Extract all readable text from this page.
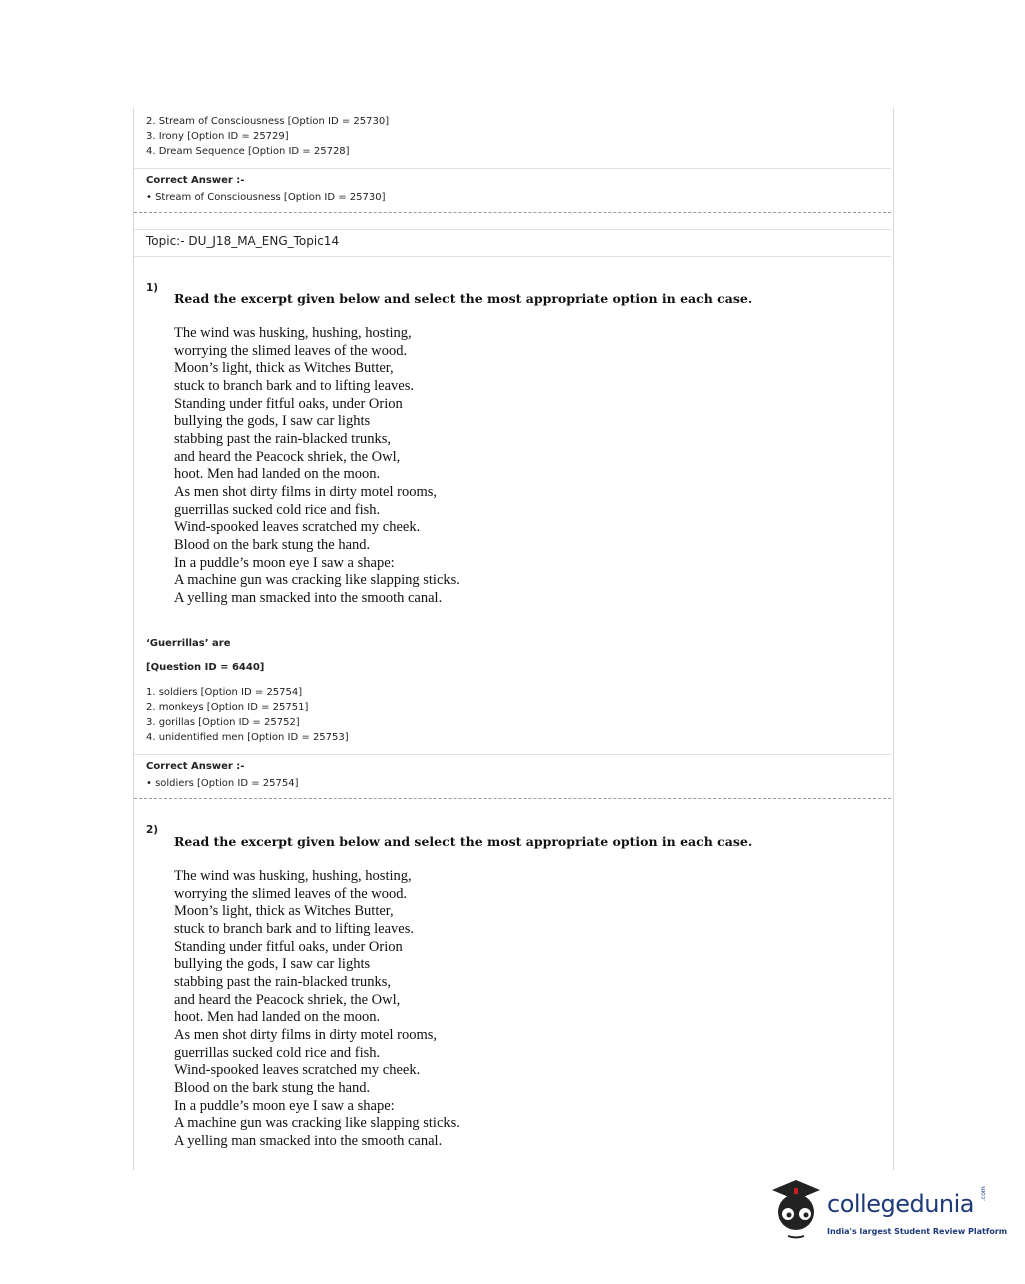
2. Stream of Consciousness [Option ID = 25730]
3. Irony [Option ID = 25729]
4. Dream Sequence [Option ID = 25728]
Correct Answer :-
• Stream of Consciousness [Option ID = 25730]
Topic:- DU_J18_MA_ENG_Topic14
1)
Read the excerpt given below and select the most appropriate option in each case.
The wind was husking, hushing, hosting,
worrying the slimed leaves of the wood.
Moon’s light, thick as Witches Butter,
stuck to branch bark and to lifting leaves.
Standing under fitful oaks, under Orion
bullying the gods, I saw car lights
stabbing past the rain-blacked trunks,
and heard the Peacock shriek, the Owl,
hoot. Men had landed on the moon.
As men shot dirty films in dirty motel rooms,
guerrillas sucked cold rice and fish.
Wind-spooked leaves scratched my cheek.
Blood on the bark stung the hand.
In a puddle’s moon eye I saw a shape:
A machine gun was cracking like slapping sticks.
A yelling man smacked into the smooth canal.
‘Guerrillas’ are
[Question ID = 6440]
1. soldiers [Option ID = 25754]
2. monkeys [Option ID = 25751]
3. gorillas [Option ID = 25752]
4. unidentified men [Option ID = 25753]
Correct Answer :-
• soldiers [Option ID = 25754]
2)
Read the excerpt given below and select the most appropriate option in each case.
The wind was husking, hushing, hosting,
worrying the slimed leaves of the wood.
Moon’s light, thick as Witches Butter,
stuck to branch bark and to lifting leaves.
Standing under fitful oaks, under Orion
bullying the gods, I saw car lights
stabbing past the rain-blacked trunks,
and heard the Peacock shriek, the Owl,
hoot. Men had landed on the moon.
As men shot dirty films in dirty motel rooms,
guerrillas sucked cold rice and fish.
Wind-spooked leaves scratched my cheek.
Blood on the bark stung the hand.
In a puddle’s moon eye I saw a shape:
A machine gun was cracking like slapping sticks.
A yelling man smacked into the smooth canal.
collegedunia .com
India's largest Student Review Platform
